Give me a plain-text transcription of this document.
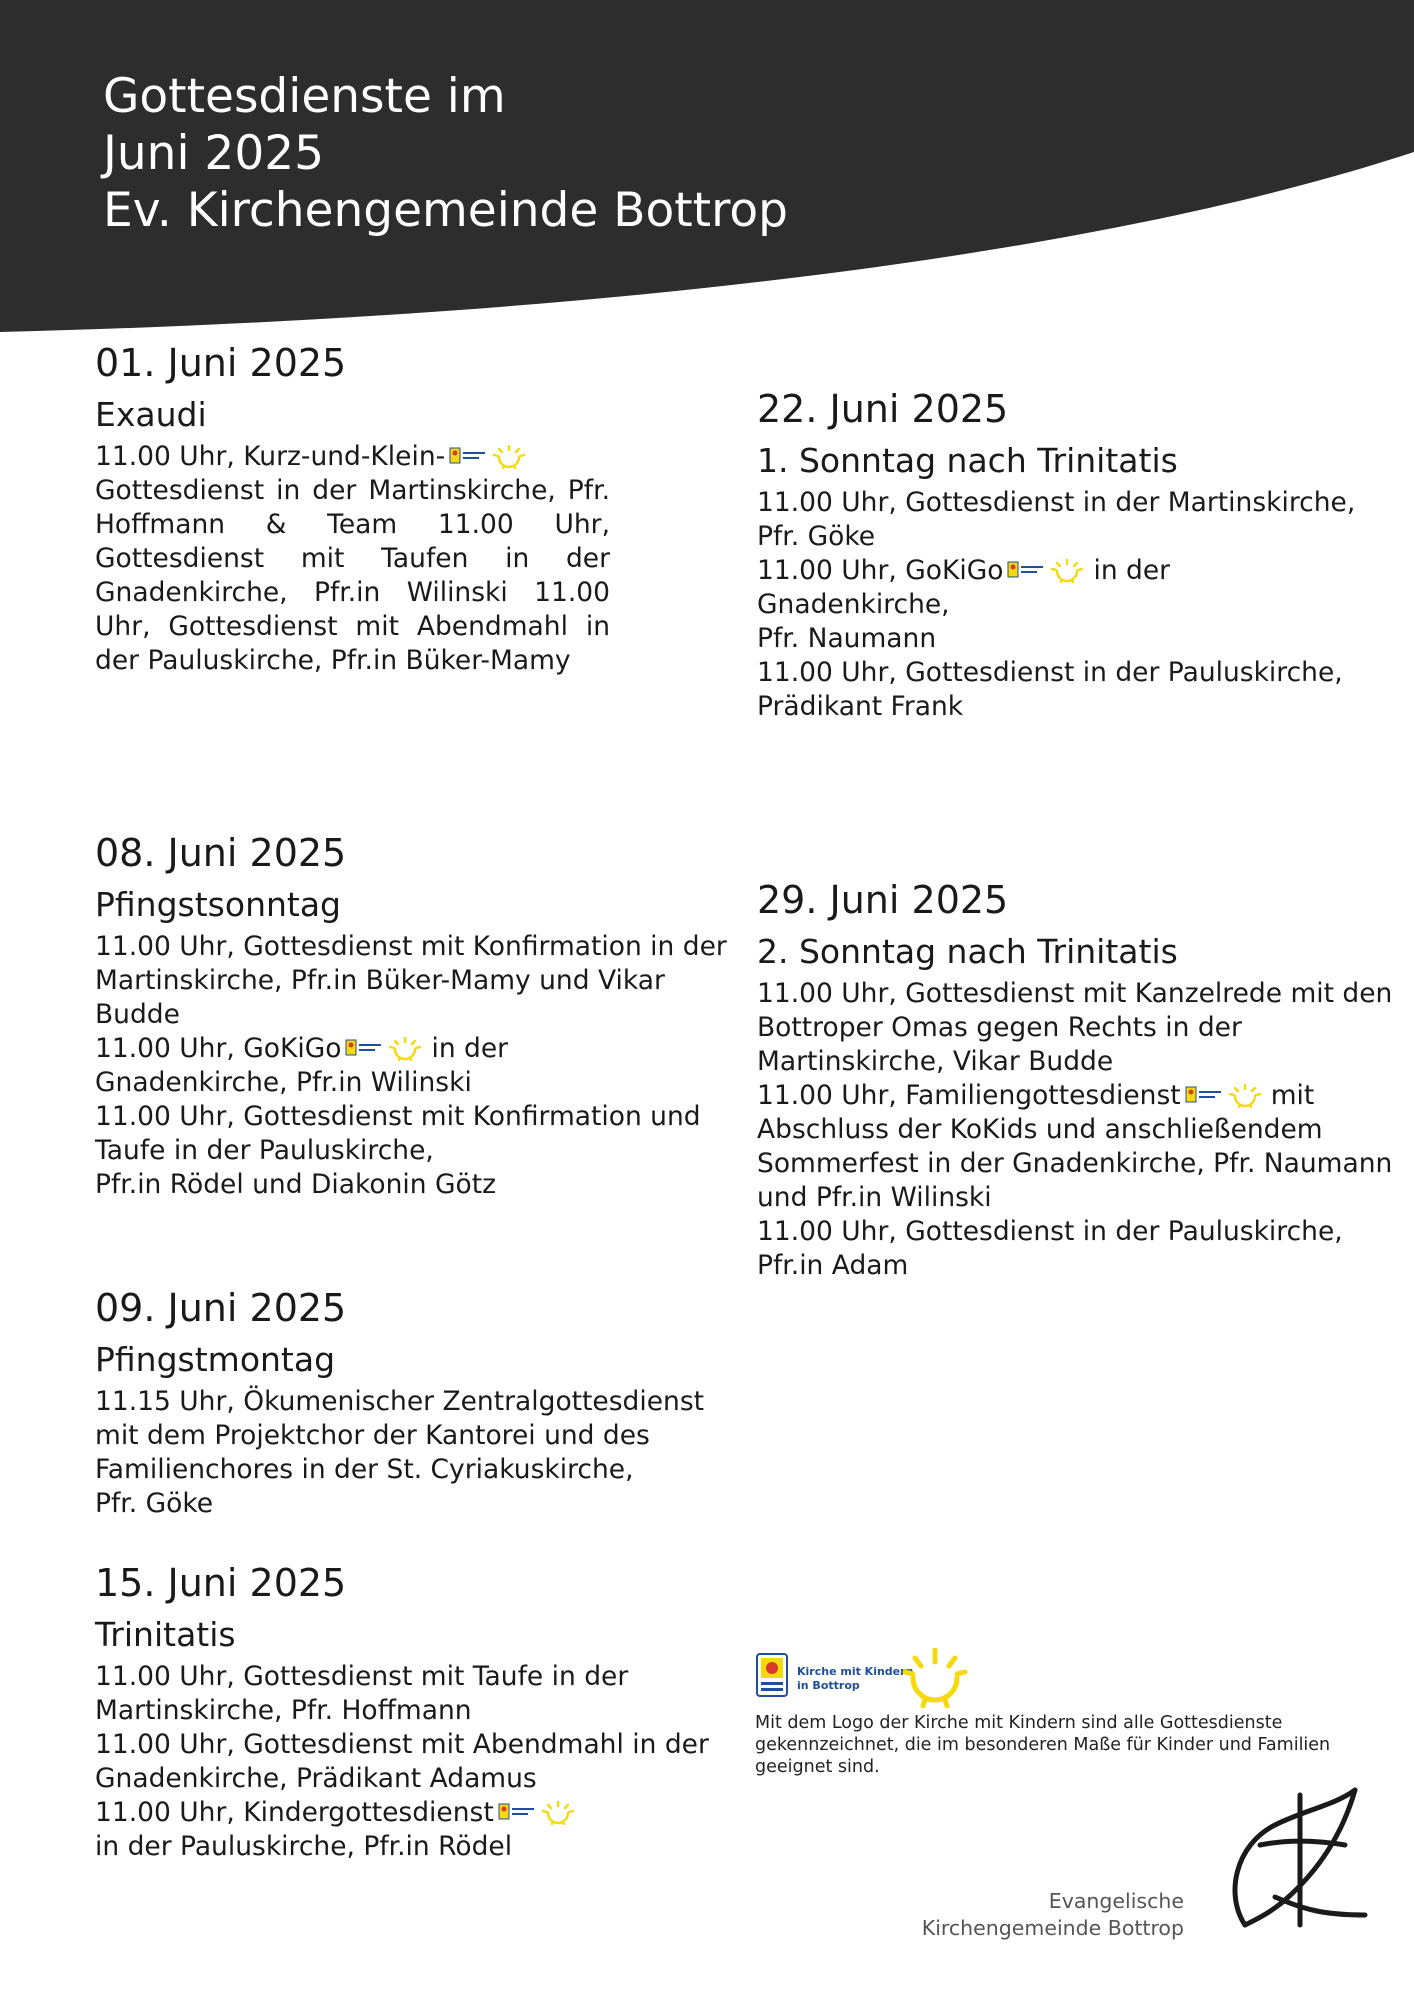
Gottesdienste im
Juni 2025
Ev. Kirchengemeinde Bottrop
01. Juni 2025
Exaudi

11.00 Uhr, Kurz-und-Klein-

Gottesdienst in der Martinskirche, Pfr. Hoffmann & Team 11.00 Uhr, Gottesdienst mit Taufen in der Gnadenkirche, Pfr.in Wilinski 11.00 Uhr, Gottesdienst mit Abendmahl in der Pauluskirche, Pfr.in Büker-Mamy

08. Juni 2025
Pfingstsonntag

11.00 Uhr, Gottesdienst mit Konfirmation in der Martinskirche, Pfr.in Büker-Mamy und Vikar Budde

11.00 Uhr, GoKiGo	in der

Gnadenkirche, Pfr.in Wilinski

11.00 Uhr, Gottesdienst mit Konfirmation und Taufe in der Pauluskirche,

Pfr.in Rödel und Diakonin Götz

09. Juni 2025
Pfingstmontag

11.15 Uhr, Ökumenischer Zentralgottesdienst mit dem Projektchor der Kantorei und des Familienchores in der St. Cyriakuskirche,

Pfr. Göke

15. Juni 2025
Trinitatis

11.00 Uhr, Gottesdienst mit Taufe in der Martinskirche, Pfr. Hoffmann

11.00 Uhr, Gottesdienst mit Abendmahl in der Gnadenkirche, Prädikant Adamus

11.00 Uhr, Kindergottesdienst

in der Pauluskirche, Pfr.in Rödel

22. Juni 2025
1. Sonntag nach Trinitatis

11.00 Uhr, Gottesdienst in der Martinskirche, Pfr. Göke

11.00 Uhr, GoKiGo	in der

Gnadenkirche,

Pfr. Naumann

11.00 Uhr, Gottesdienst in der Pauluskirche, Prädikant Frank

29. Juni 2025
2. Sonntag nach Trinitatis

11.00 Uhr, Gottesdienst mit Kanzelrede mit den Bottroper Omas gegen Rechts in der Martinskirche, Vikar Budde

11.00 Uhr, Familiengottesdienst	mit

Abschluss der KoKids und anschließendem Sommerfest in der Gnadenkirche, Pfr. Naumann und Pfr.in Wilinski

11.00 Uhr, Gottesdienst in der Pauluskirche, Pfr.in Adam

Kirche mit Kindern
in Bottrop

Mit dem Logo der Kirche mit Kindern sind alle Gottesdienste gekennzeichnet, die im besonderen Maße für Kinder und Familien geeignet sind.

Evangelische
Kirchengemeinde Bottrop
